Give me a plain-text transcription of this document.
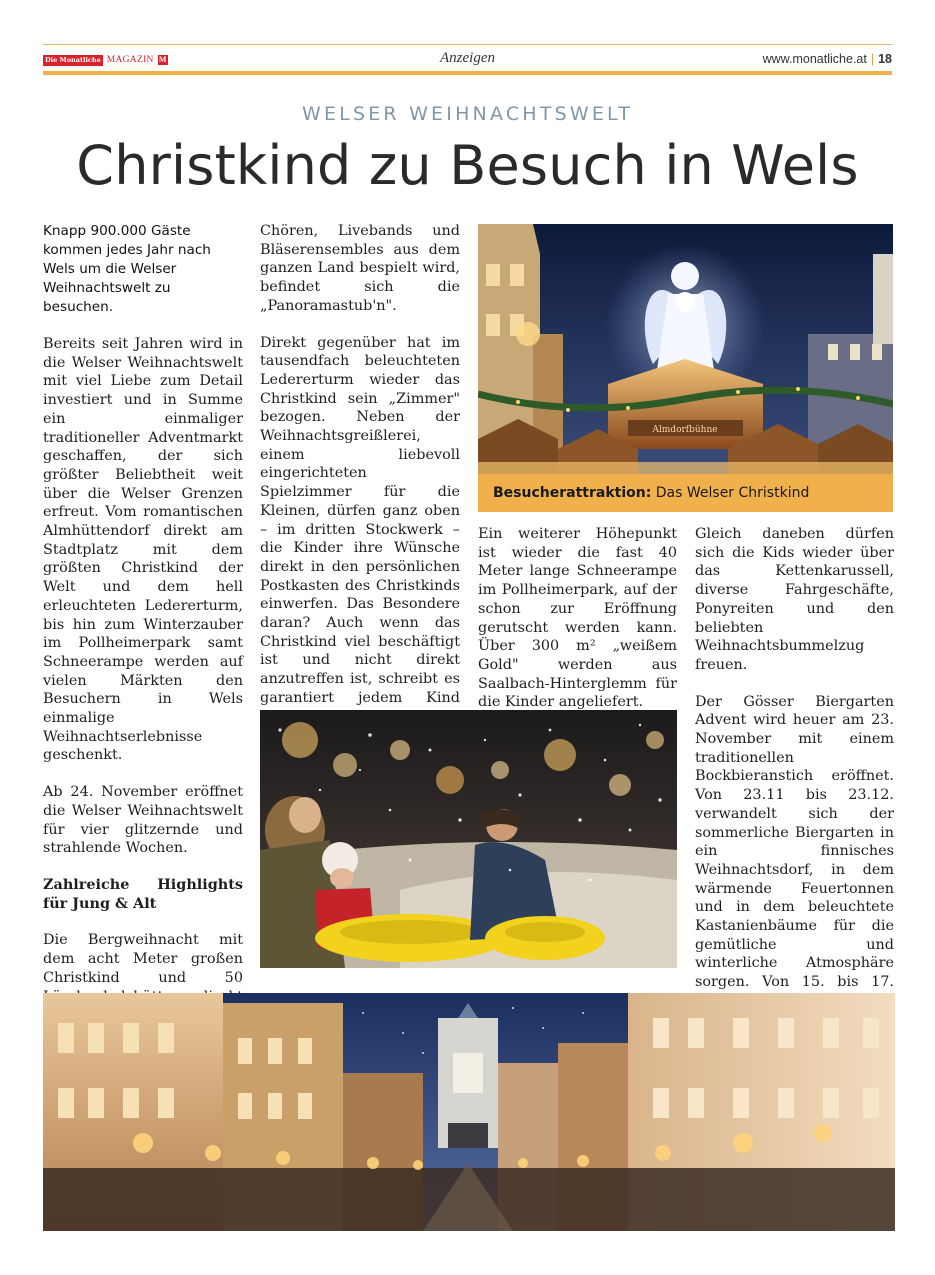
Die Monatliche MAGAZIN M	Anzeigen	www.monatliche.at | 18
WELSER WEIHNACHTSWELT
Christkind zu Besuch in Wels

Knapp 900.000 Gäste kommen jedes Jahr nach Wels um die Welser Weihnachtswelt zu besuchen.

Bereits seit Jahren wird in die Welser Weihnachtswelt mit viel Liebe zum Detail investiert und in Summe ein einmaliger traditioneller Adventmarkt geschaffen, der sich größter Beliebtheit weit über die Welser Grenzen erfreut. Vom romantischen Almhüttendorf direkt am Stadtplatz mit dem größten Christkind der Welt und dem hell erleuchteten Ledererturm, bis hin zum Winterzauber im Pollheimerpark samt Schneerampe werden auf vielen Märkten den Besuchern in Wels einmalige Weihnachtserlebnisse geschenkt.

Ab 24. November eröffnet die Welser Weihnachtswelt für vier glitzernde und strahlende Wochen.

Zahlreiche Highlights für Jung & Alt

Die Bergweihnacht mit dem acht Meter großen Christkind und 50

Chören, Livebands und Bläserensembles aus dem ganzen Land bespielt wird, befindet sich die „Panoramastub'n".

Direkt gegenüber hat im tausendfach beleuchteten Ledererturm wieder das Christkind sein „Zimmer" bezogen. Neben der Weihnachtsgreißlerei, einem liebevoll eingerichteten Spielzimmer für die Kleinen, dürfen ganz oben – im dritten Stockwerk – die Kinder ihre Wünsche direkt in den persönlichen Postkasten des Christkinds einwerfen. Das Besondere daran? Auch wenn das Christkind viel beschäftigt ist und nicht direkt anzutreffen ist, schreibt es garantiert jedem Kind

Ein weiterer Höhepunkt ist wieder die fast 40 Meter lange Schneerampe im Pollheimerpark, auf der schon zur Eröffnung gerutscht werden kann. Über 300 m² „weißem Gold" werden aus Saalbach-Hinterglemm für die Kinder angeliefert.

Gleich daneben dürfen sich die Kids wieder über das Kettenkarussell, diverse Fahrgeschäfte, Ponyreiten und den beliebten Weihnachtsbummelzug freuen.

Der Gösser Biergarten Advent wird heuer am 23. November mit einem traditionellen Bockbieranstich eröffnet. Von 23.11 bis 23.12. verwandelt sich der sommerliche Biergarten in ein finnisches Weihnachtsdorf, in dem wärmende Feuertonnen und in dem beleuchtete Kastanienbäume für die gemütliche und winterliche Atmosphäre sorgen. Von 15. bis 17.

Almdorfbühne
Besucherattraktion: Das Welser Christkind
